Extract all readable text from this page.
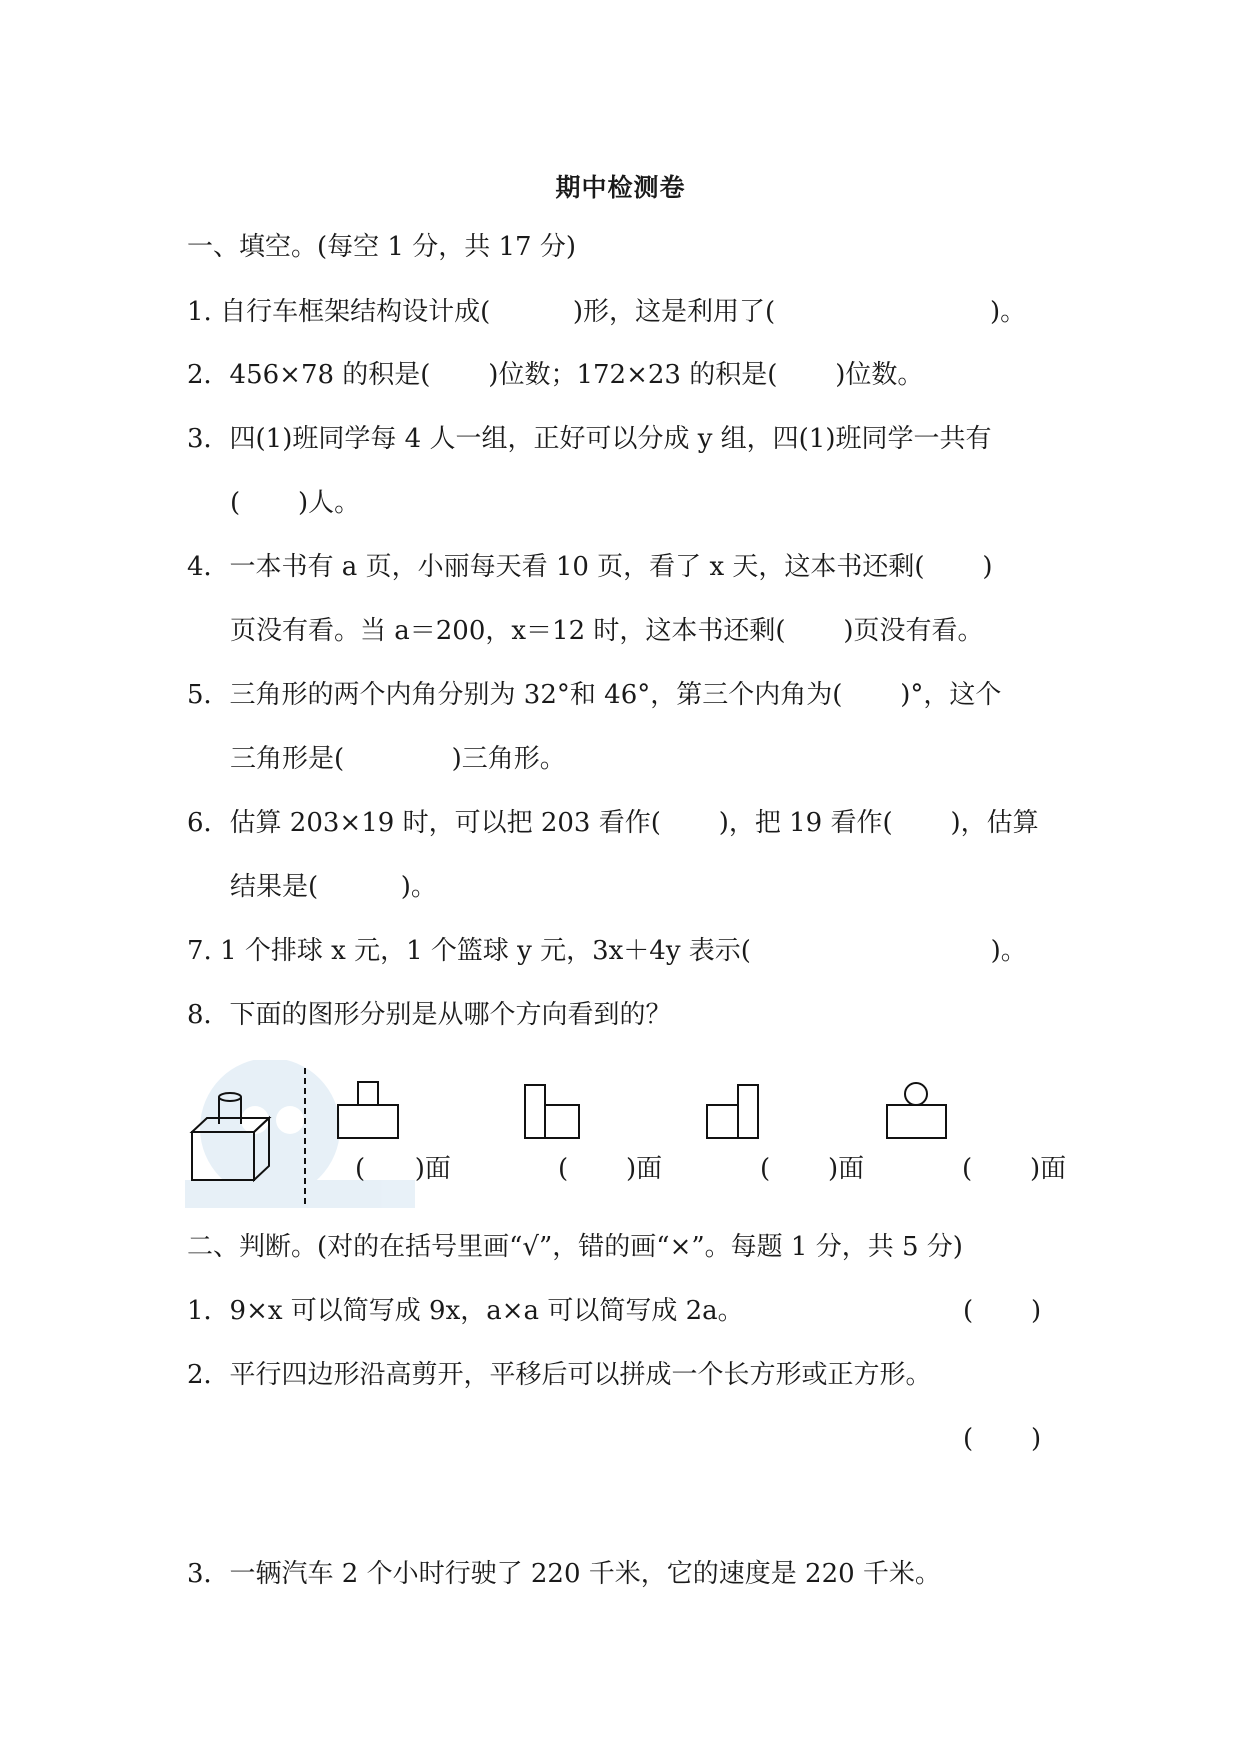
期中检测卷
一、填空。(每空 1 分，共 17 分)
1. 自行车框架结构设计成(          )形，这是利用了(                          )。
2．456×78 的积是(       )位数；172×23 的积是(       )位数。
3．四(1)班同学每 4 人一组，正好可以分成 y 组，四(1)班同学一共有
(       )人。
4．一本书有 a 页，小丽每天看 10 页，看了 x 天，这本书还剩(       )
页没有看。当 a＝200，x＝12 时，这本书还剩(       )页没有看。
5．三角形的两个内角分别为 32°和 46°，第三个内角为(       )°，这个
三角形是(             )三角形。
6．估算 203×19 时，可以把 203 看作(       )，把 19 看作(       )，估算
结果是(          )。
7. 1 个排球 x 元，1 个篮球 y 元，3x＋4y 表示(                             )。
8．下面的图形分别是从哪个方向看到的？
(      )面	(       )面	(       )面	(       )面
二、判断。(对的在括号里画“√”，错的画“×”。每题 1 分，共 5 分)
1．9×x 可以简写成 9x，a×a 可以简写成 2a。	(       )
2．平行四边形沿高剪开，平移后可以拼成一个长方形或正方形。
(       )
3．一辆汽车 2 个小时行驶了 220 千米，它的速度是 220 千米。
